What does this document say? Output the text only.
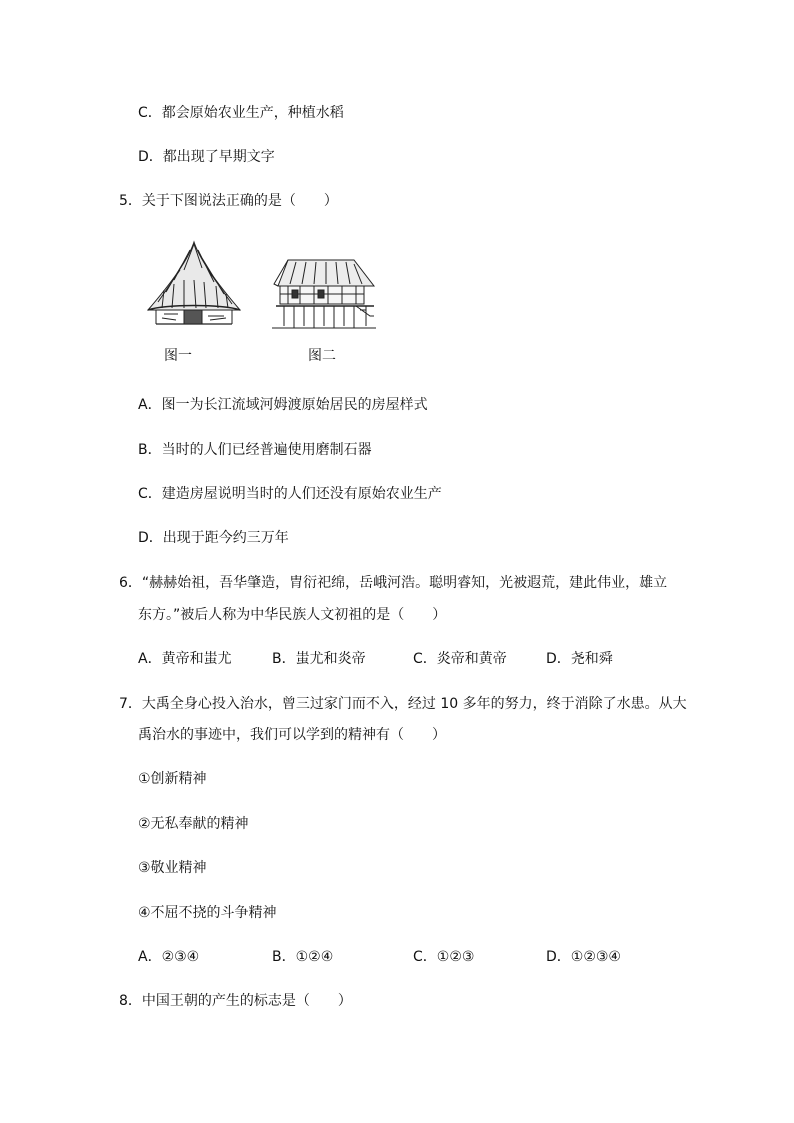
C．都会原始农业生产，种植水稻
D．都出现了早期文字
5．关于下图说法正确的是（　　）
图一	图二
A．图一为长江流域河姆渡原始居民的房屋样式
B．当时的人们已经普遍使用磨制石器
C．建造房屋说明当时的人们还没有原始农业生产
D．出现于距今约三万年
6．“赫赫始祖，吾华肇造，胄衍祀绵，岳峨河浩。聪明睿知，光被遐荒，建此伟业，雄立
东方。”被后人称为中华民族人文初祖的是（　　）
A．黄帝和蚩尤	B．蚩尤和炎帝	C．炎帝和黄帝	D．尧和舜
7．大禹全身心投入治水，曾三过家门而不入，经过 10 多年的努力，终于消除了水患。从大
禹治水的事迹中，我们可以学到的精神有（　　）
①创新精神
②无私奉献的精神
③敬业精神
④不屈不挠的斗争精神
A．②③④	B．①②④	C．①②③	D．①②③④
8．中国王朝的产生的标志是（　　）
